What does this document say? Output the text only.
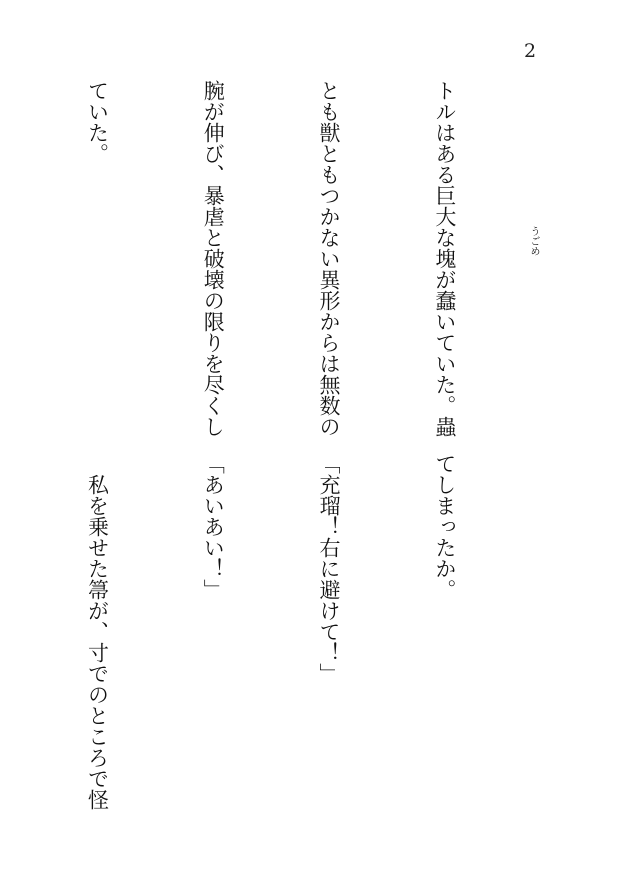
2
うごめ

トルはある巨大な塊が蠢いていた。蟲

とも獣ともつかない異形からは無数の

腕が伸び、暴虐と破壊の限りを尽くし

ていた。

てしまったか。

「充瑠！右に避けて！」

「あいあい！」

　私を乗せた箒が、寸でのところで怪
